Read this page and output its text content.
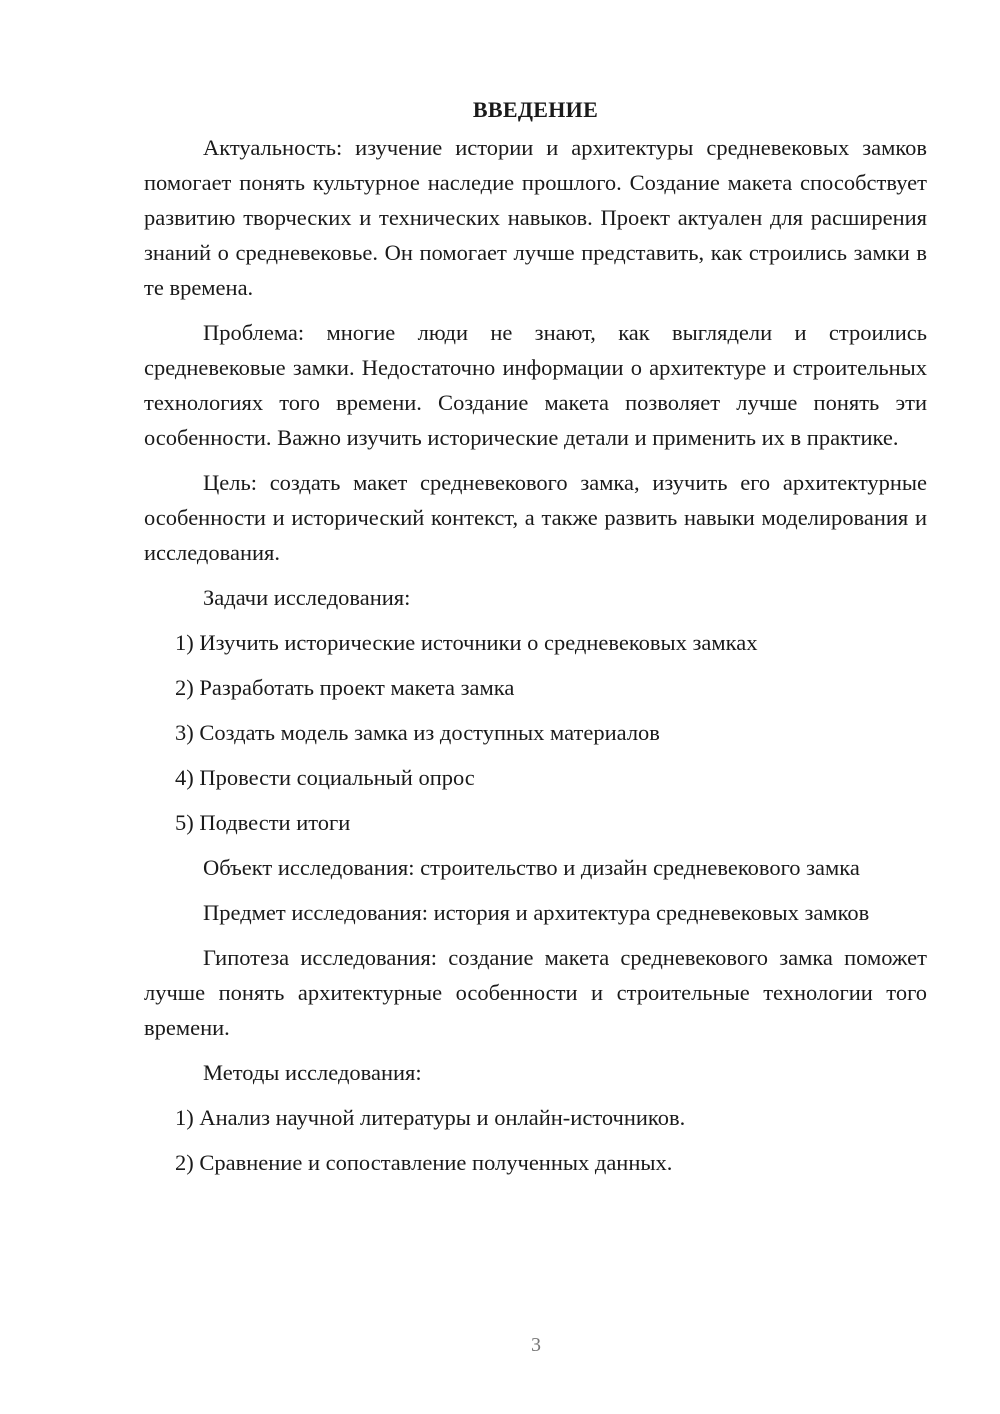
ВВЕДЕНИЕ

Актуальность: изучение истории и архитектуры средневековых замков помогает понять культурное наследие прошлого. Создание макета способствует развитию творческих и технических навыков. Проект актуален для расширения знаний о средневековье. Он помогает лучше представить, как строились замки в те времена.

Проблема: многие люди не знают, как выглядели и строились средневековые замки. Недостаточно информации о архитектуре и строительных технологиях того времени. Создание макета позволяет лучше понять эти особенности. Важно изучить исторические детали и применить их в практике.

Цель: создать макет средневекового замка, изучить его архитектурные особенности и исторический контекст, а также развить навыки моделирования и исследования.

Задачи исследования:

1) Изучить исторические источники о средневековых замках
2) Разработать проект макета замка
3) Создать модель замка из доступных материалов
4) Провести социальный опрос
5) Подвести итоги

Объект исследования: строительство и дизайн средневекового замка

Предмет исследования: история и архитектура средневековых замков

Гипотеза исследования: создание макета средневекового замка поможет лучше понять архитектурные особенности и строительные технологии того времени.

Методы исследования:

1) Анализ научной литературы и онлайн-источников.
2) Сравнение и сопоставление полученных данных.
3
